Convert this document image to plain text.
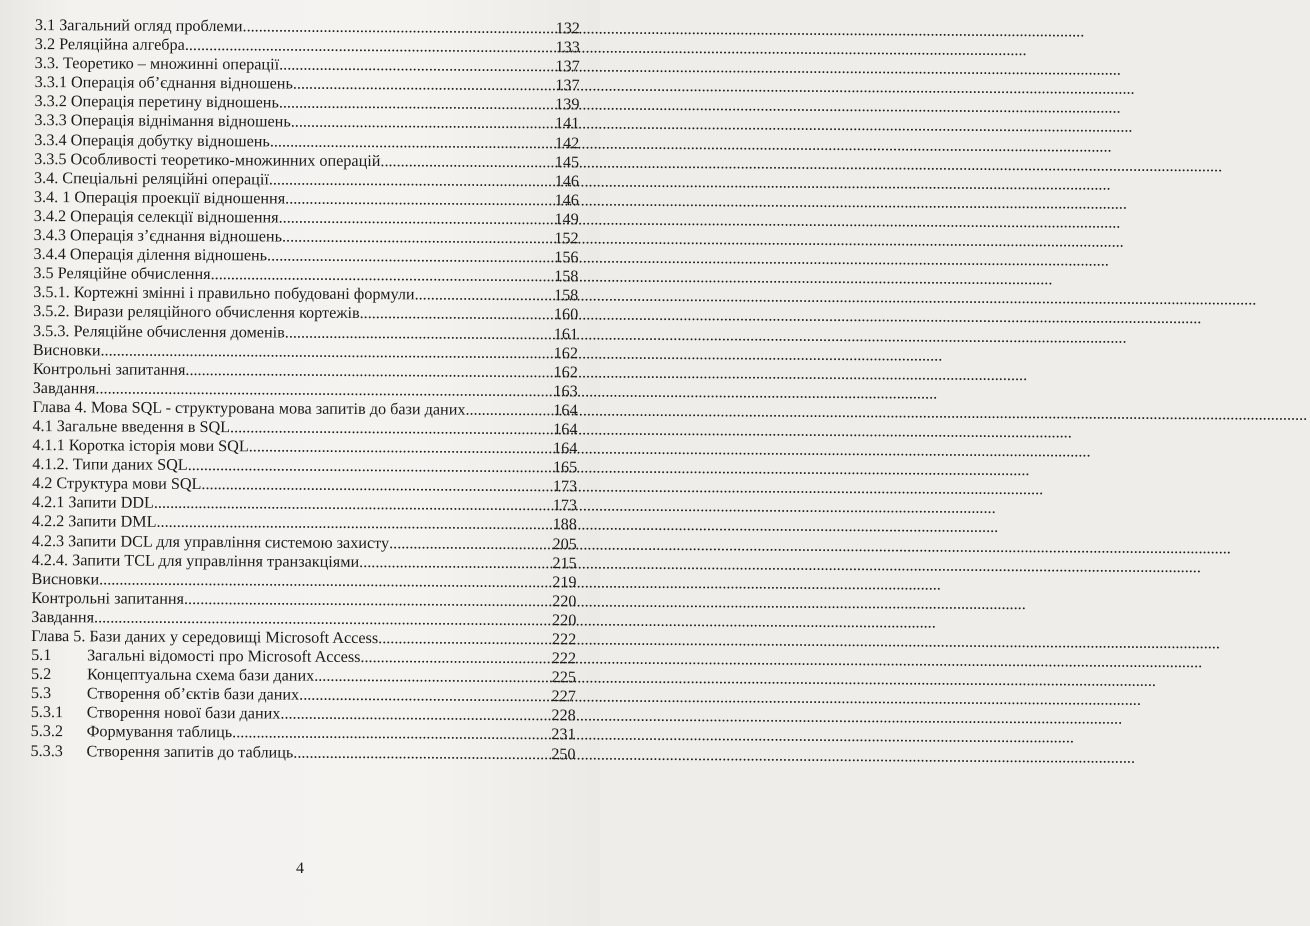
3.1 Загальний огляд проблеми .....	132
3.2 Реляційна алгебра .....	133
3.3. Теоретико – множинні операції .....	137
3.3.1 Операція об’єднання відношень .....	137
3.3.2 Операція перетину відношень .....	139
3.3.3 Операція віднімання відношень .....	141
3.3.4 Операція добутку відношень .....	142
3.3.5 Особливості теоретико-множинних операцій .....	145
3.4. Спеціальні реляційні операції .....	146
3.4. 1 Операція проекції відношення .....	146
3.4.2 Операція селекції відношення .....	149
3.4.3 Операція з’єднання відношень .....	152
3.4.4 Операція ділення відношень .....	156
3.5 Реляційне обчислення .....	158
3.5.1. Кортежні змінні і правильно побудовані формули .....	158
3.5.2. Вирази реляційного обчислення кортежів .....	160
3.5.3. Реляційне обчислення доменів .....	161
Висновки .....	162
Контрольні запитання .....	162
Завдання .....	163
Глава 4. Мова SQL - структурована мова запитів до бази даних .....	164
4.1 Загальне введення в SQL .....	164
4.1.1 Коротка історія мови SQL .....	164
4.1.2. Типи даних SQL .....	165
4.2 Структура мови SQL .....	173
4.2.1 Запити DDL .....	173
4.2.2 Запити DML .....	188
4.2.3 Запити DCL для управління системою захисту .....	205
4.2.4. Запити TCL для управління транзакціями .....	215
Висновки .....	219
Контрольні запитання .....	220
Завдання .....	220
Глава 5. Бази даних у середовищі Microsoft Access .....	222
5.1	Загальні відомості про Microsoft Access .....	222
5.2	Концептуальна схема бази даних .....	225
5.3	Створення об’єктів бази даних .....	227
5.3.1	Створення нової бази даних .....	228
5.3.2	Формування таблиць .....	231
5.3.3	Створення запитів до таблиць .....	250
4
